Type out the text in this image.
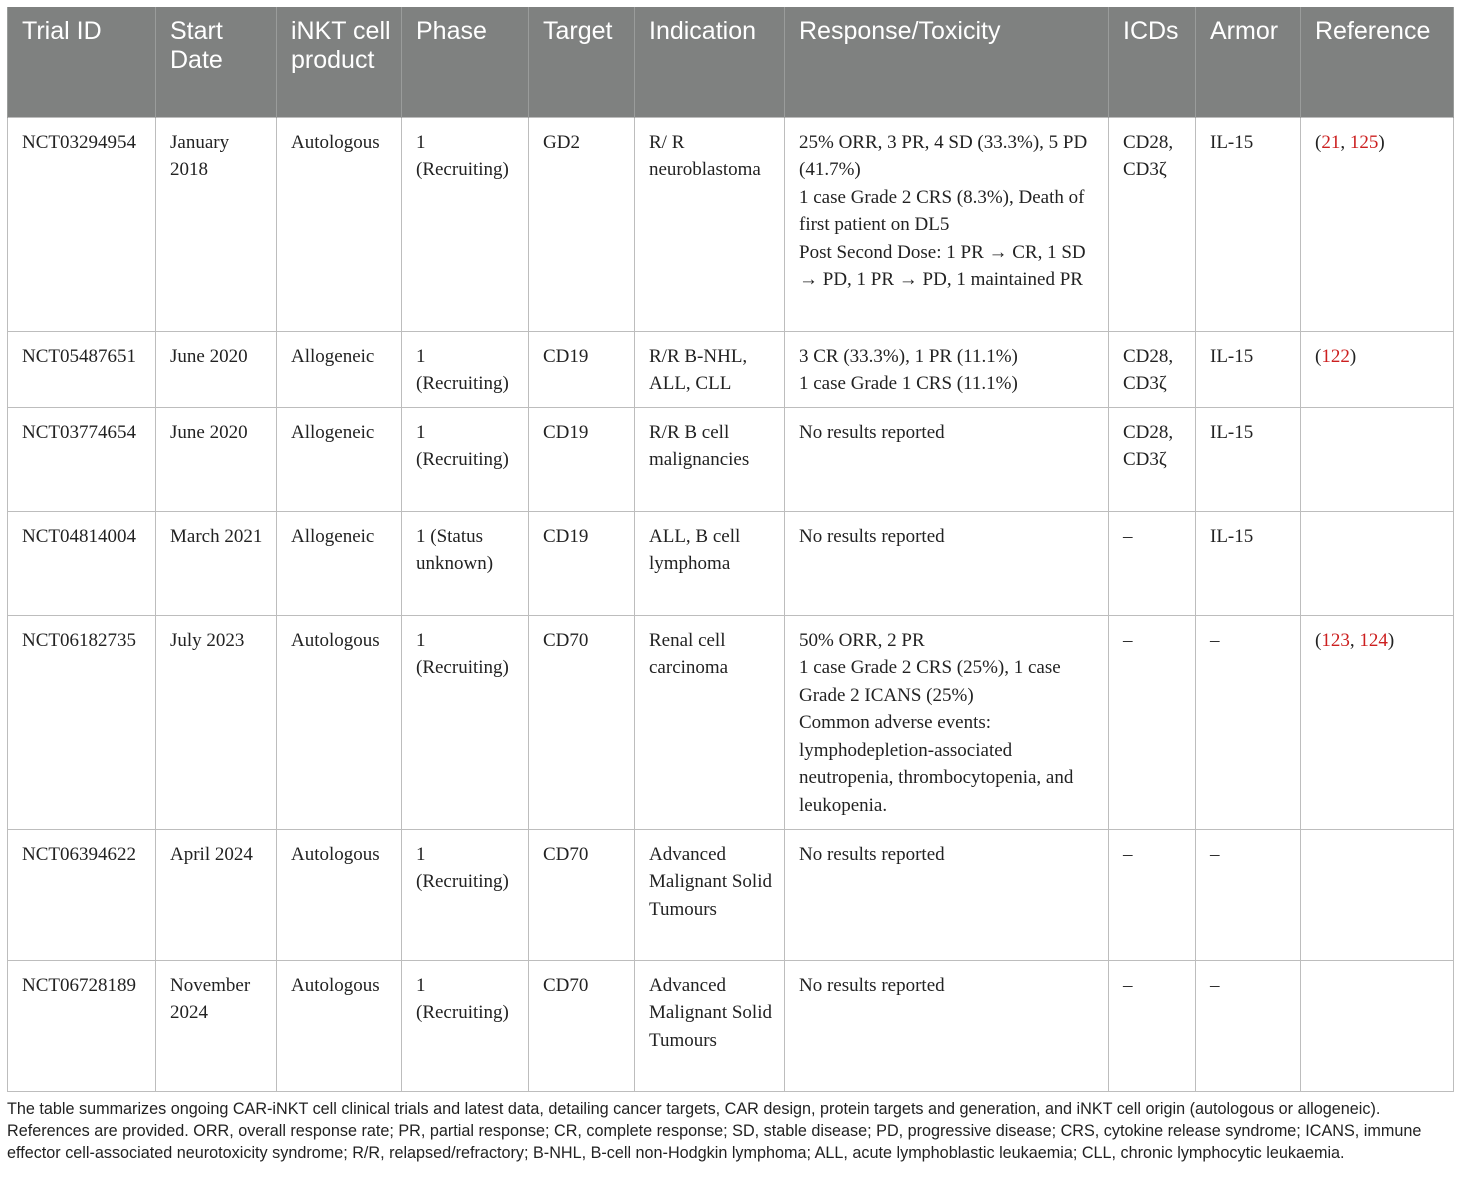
Trial ID	Start Date	iNKT cell product	Phase	Target	Indication	Response/Toxicity	ICDs	Armor	Reference
NCT03294954	January 2018	Autologous	1 (Recruiting)	GD2	R/ R neuroblastoma	25% ORR, 3 PR, 4 SD (33.3%), 5 PD (41.7%)
1 case Grade 2 CRS (8.3%), Death of first patient on DL5
Post Second Dose: 1 PR → CR, 1 SD → PD, 1 PR → PD, 1 maintained PR	CD28, CD3ζ	IL-15	(21, 125)
NCT05487651	June 2020	Allogeneic	1 (Recruiting)	CD19	R/R B-NHL, ALL, CLL	3 CR (33.3%), 1 PR (11.1%)
1 case Grade 1 CRS (11.1%)	CD28, CD3ζ	IL-15	(122)
NCT03774654	June 2020	Allogeneic	1 (Recruiting)	CD19	R/R B cell malignancies	No results reported	CD28, CD3ζ	IL-15	
NCT04814004	March 2021	Allogeneic	1 (Status unknown)	CD19	ALL, B cell lymphoma	No results reported	–	IL-15	
NCT06182735	July 2023	Autologous	1 (Recruiting)	CD70	Renal cell carcinoma	50% ORR, 2 PR
1 case Grade 2 CRS (25%), 1 case Grade 2 ICANS (25%)
Common adverse events: lymphodepletion-associated neutropenia, thrombocytopenia, and leukopenia.	–	–	(123, 124)
NCT06394622	April 2024	Autologous	1 (Recruiting)	CD70	Advanced Malignant Solid Tumours	No results reported	–	–	
NCT06728189	November 2024	Autologous	1 (Recruiting)	CD70	Advanced Malignant Solid Tumours	No results reported	–	–	
The table summarizes ongoing CAR-iNKT cell clinical trials and latest data, detailing cancer targets, CAR design, protein targets and generation, and iNKT cell origin (autologous or allogeneic). References are provided. ORR, overall response rate; PR, partial response; CR, complete response; SD, stable disease; PD, progressive disease; CRS, cytokine release syndrome; ICANS, immune effector cell-associated neurotoxicity syndrome; R/R, relapsed/refractory; B-NHL, B-cell non-Hodgkin lymphoma; ALL, acute lymphoblastic leukaemia; CLL, chronic lymphocytic leukaemia.
